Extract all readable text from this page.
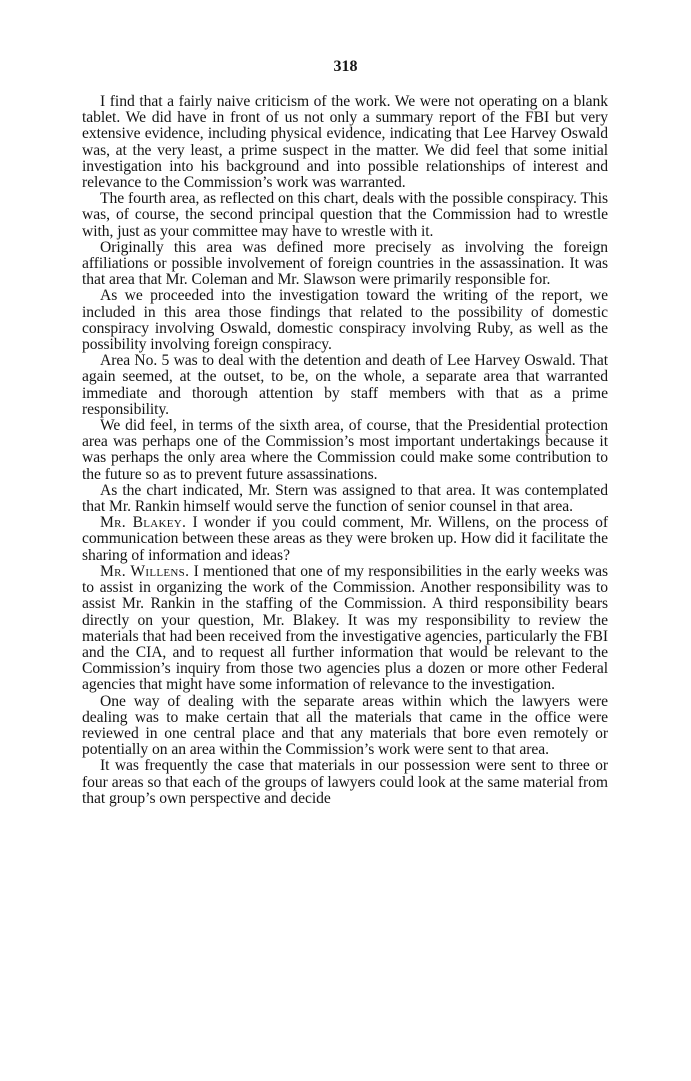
318

I find that a fairly naive criticism of the work. We were not operating on a blank tablet. We did have in front of us not only a summary report of the FBI but very extensive evidence, including physical evidence, indicating that Lee Harvey Oswald was, at the very least, a prime suspect in the matter. We did feel that some initial investigation into his background and into possible relationships of interest and relevance to the Commission’s work was warranted.

The fourth area, as reflected on this chart, deals with the possible conspiracy. This was, of course, the second principal question that the Commission had to wrestle with, just as your committee may have to wrestle with it.

Originally this area was defined more precisely as involving the foreign affiliations or possible involvement of foreign countries in the assassination. It was that area that Mr. Coleman and Mr. Slawson were primarily responsible for.

As we proceeded into the investigation toward the writing of the report, we included in this area those findings that related to the possibility of domestic conspiracy involving Oswald, domestic conspiracy involving Ruby, as well as the possibility involving foreign conspiracy.

Area No. 5 was to deal with the detention and death of Lee Harvey Oswald. That again seemed, at the outset, to be, on the whole, a separate area that warranted immediate and thorough attention by staff members with that as a prime responsibility.

We did feel, in terms of the sixth area, of course, that the Presidential protection area was perhaps one of the Commission’s most important undertakings because it was perhaps the only area where the Commission could make some contribution to the future so as to prevent future assassinations.

As the chart indicated, Mr. Stern was assigned to that area. It was contemplated that Mr. Rankin himself would serve the function of senior counsel in that area.

Mr. Blakey. I wonder if you could comment, Mr. Willens, on the process of communication between these areas as they were broken up. How did it facilitate the sharing of information and ideas?

Mr. Willens. I mentioned that one of my responsibilities in the early weeks was to assist in organizing the work of the Commission. Another responsibility was to assist Mr. Rankin in the staffing of the Commission. A third responsibility bears directly on your question, Mr. Blakey. It was my responsibility to review the materials that had been received from the investigative agencies, particularly the FBI and the CIA, and to request all further information that would be relevant to the Commission’s inquiry from those two agencies plus a dozen or more other Federal agencies that might have some information of relevance to the investigation.

One way of dealing with the separate areas within which the lawyers were dealing was to make certain that all the materials that came in the office were reviewed in one central place and that any materials that bore even remotely or potentially on an area within the Commission’s work were sent to that area.

It was frequently the case that materials in our possession were sent to three or four areas so that each of the groups of lawyers could look at the same material from that group’s own perspective and decide
